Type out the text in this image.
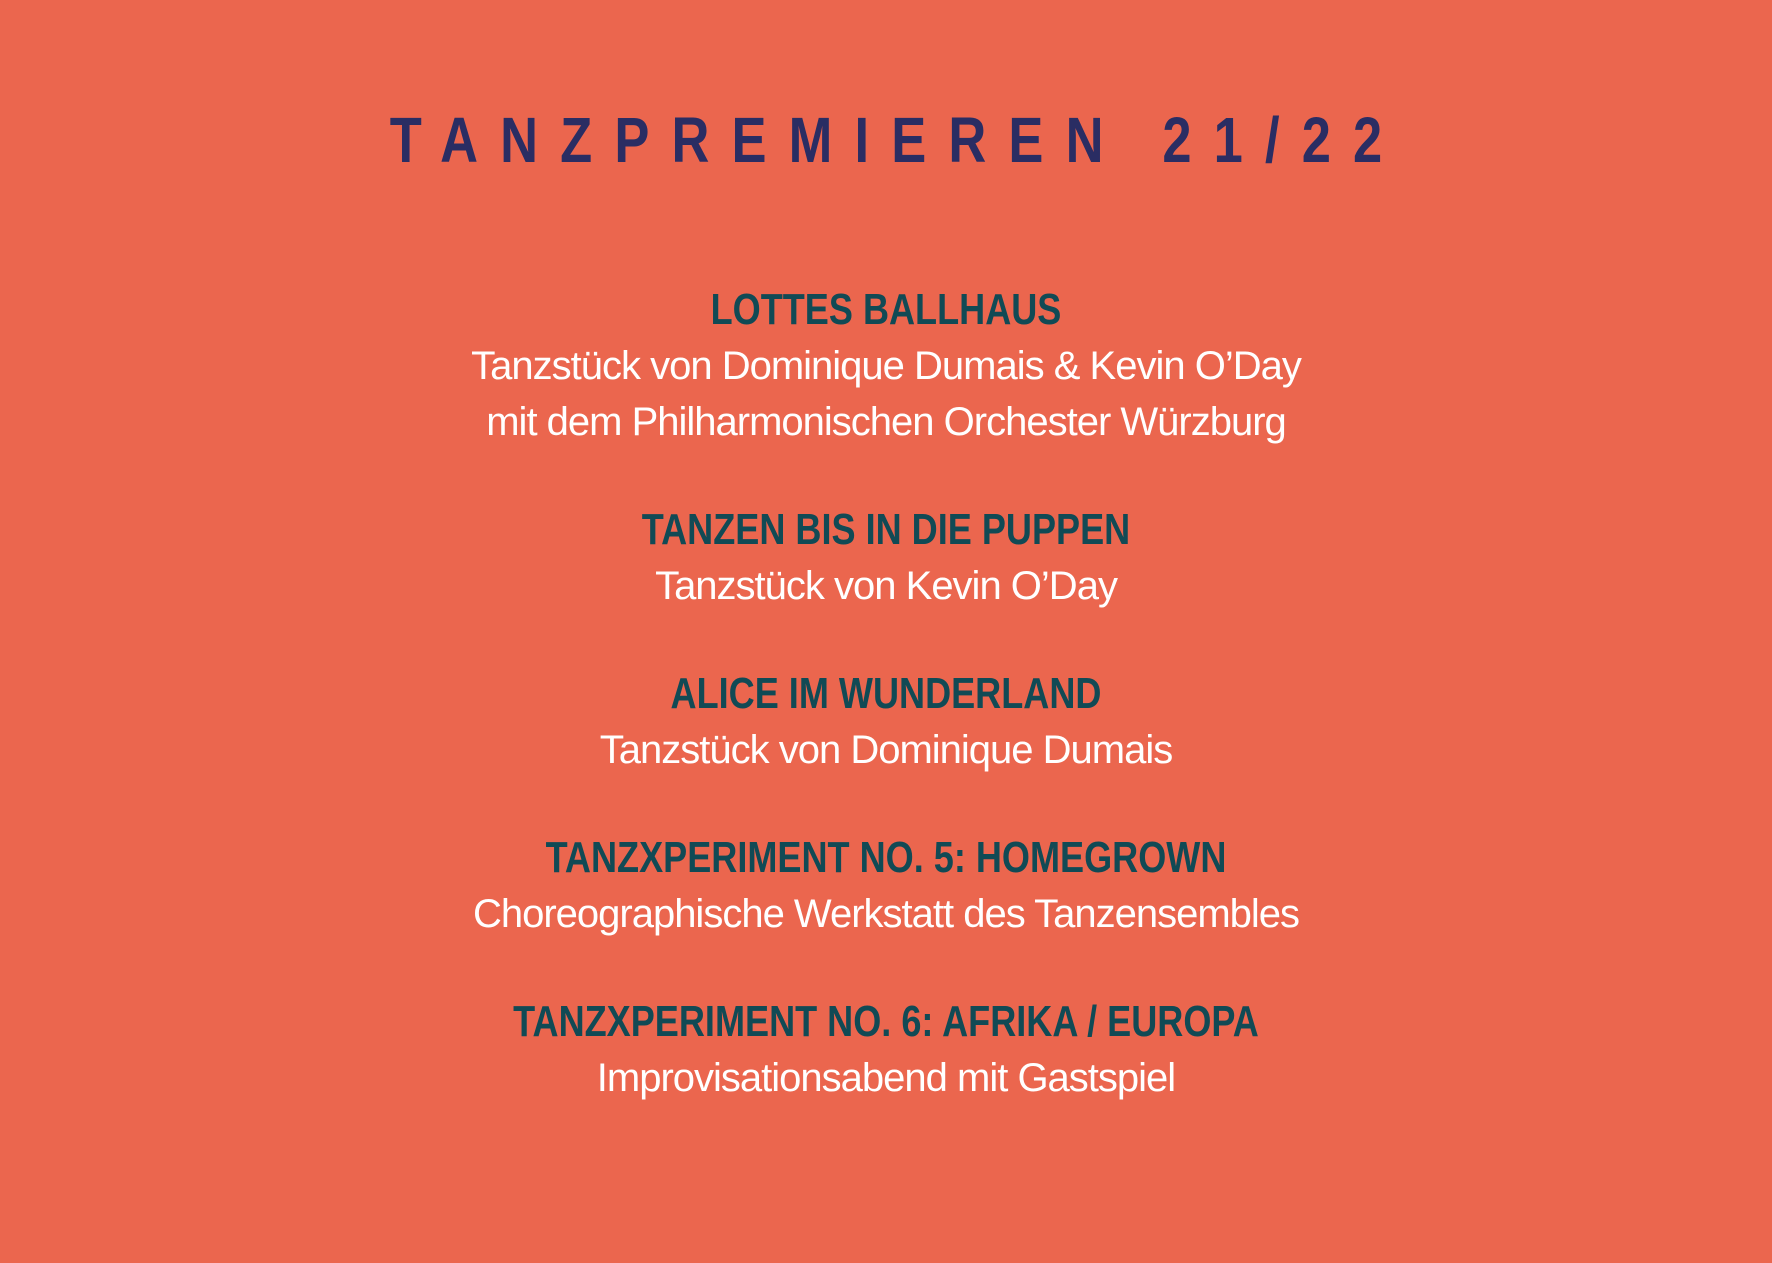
TANZPREMIEREN 21/22
LOTTES BALLHAUS
Tanzstück von Dominique Dumais & Kevin O’Day
mit dem Philharmonischen Orchester Würzburg
TANZEN BIS IN DIE PUPPEN
Tanzstück von Kevin O’Day
ALICE IM WUNDERLAND
Tanzstück von Dominique Dumais
TANZXPERIMENT NO. 5: HOMEGROWN
Choreographische Werkstatt des Tanzensembles
TANZXPERIMENT NO. 6: AFRIKA / EUROPA
Improvisationsabend mit Gastspiel
